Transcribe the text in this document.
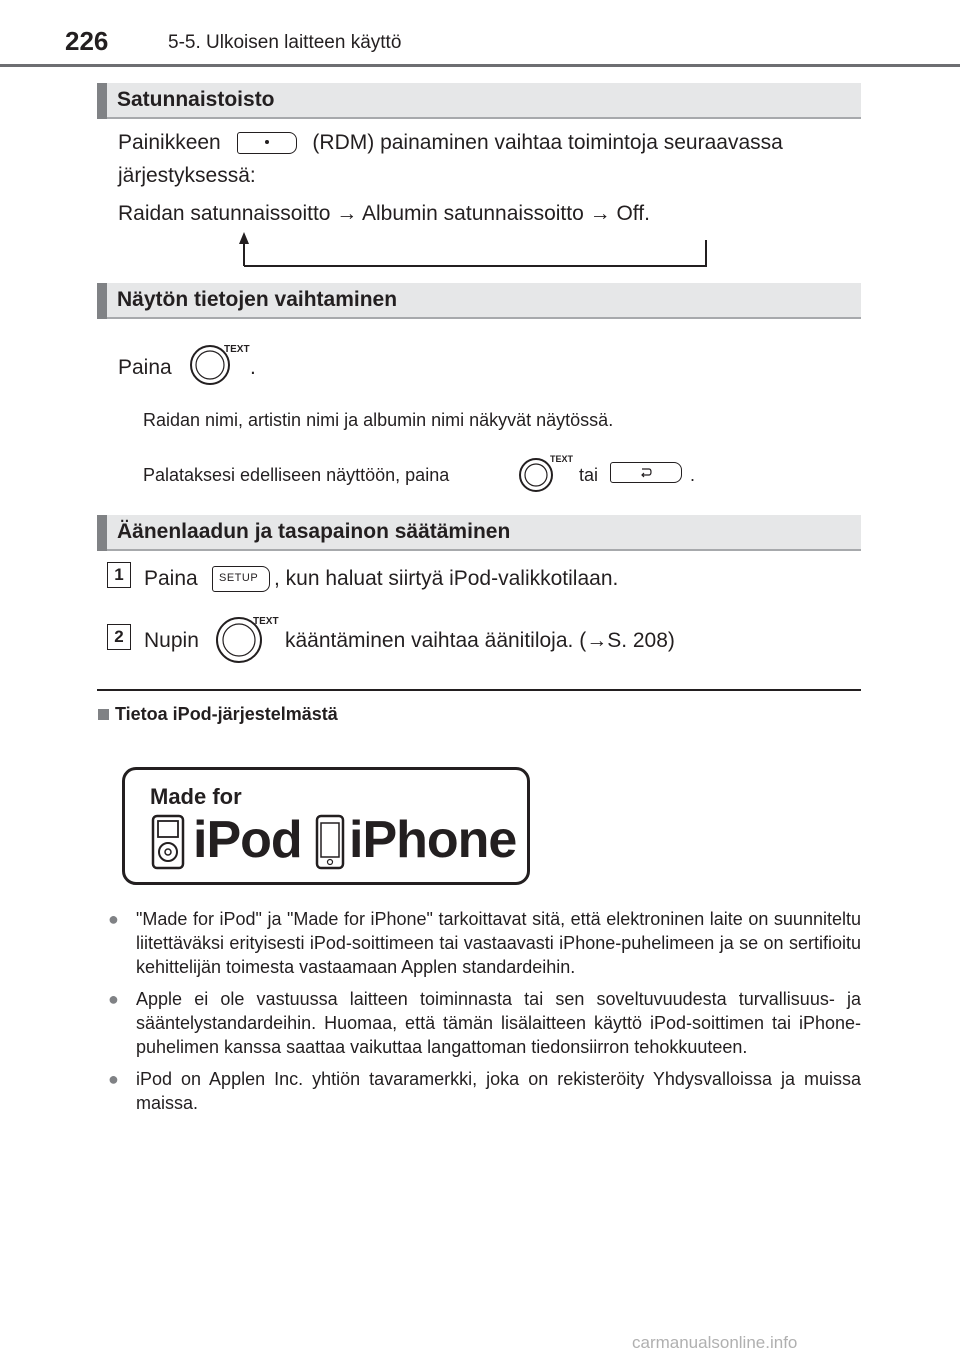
226	5-5. Ulkoisen laitteen käyttö
Satunnaistoisto
Painikkeen	(RDM) painaminen vaihtaa toimintoja seuraavassa
järjestyksessä:
Raidan satunnaissoitto → Albumin satunnaissoitto → Off.
Näytön tietojen vaihtaminen
Paina
TEXT
.
Raidan nimi, artistin nimi ja albumin nimi näkyvät näytössä.
Palataksesi edelliseen näyttöön, paina
TEXT
tai	.
Äänenlaadun ja tasapainon säätäminen
1 Paina SETUP , kun haluat siirtyä iPod-valikkotilaan.
2 Nupin
TEXT
kääntäminen vaihtaa äänitiloja. (→S. 208)
Tietoa iPod-järjestelmästä
Made for
iPod iPhone

● "Made for iPod" ja "Made for iPhone" tarkoittavat sitä, että elektroninen laite on suunniteltu liitettäväksi erityisesti iPod-soittimeen tai vastaavasti iPhone-puhelimeen ja se on sertifioitu kehittelijän toimesta vastaamaan Applen standardeihin.

● Apple ei ole vastuussa laitteen toiminnasta tai sen soveltuvuudesta turvallisuus- ja sääntelystandardeihin. Huomaa, että tämän lisälaitteen käyttö iPod-soittimen tai iPhone-puhelimen kanssa saattaa vaikuttaa langattoman tiedonsiirron tehokkuuteen.

● iPod on Applen Inc. yhtiön tavaramerkki, joka on rekisteröity Yhdysvalloissa ja muissa maissa.

carmanualsonline.info
